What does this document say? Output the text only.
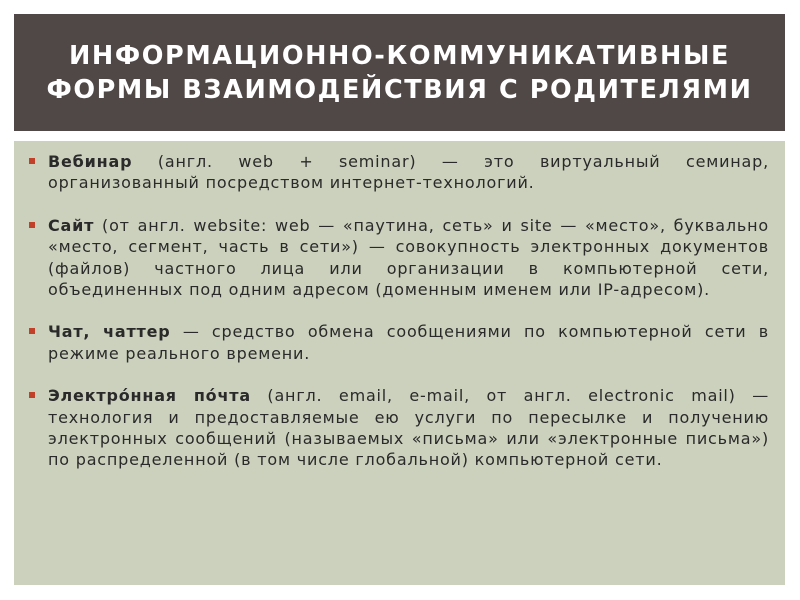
ИНФОРМАЦИОННО-КОММУНИКАТИВНЫЕ
ФОРМЫ ВЗАИМОДЕЙСТВИЯ С РОДИТЕЛЯМИ

Вебинар (англ. web + seminar) — это виртуальный семинар, организованный посредством интернет-технологий.

Сайт (от англ. website: web — «паутина, сеть» и site — «место», буквально «место, сегмент, часть в сети») — совокупность электронных документов (файлов) частного лица или организации в компьютерной сети, объединенных под одним адресом (доменным именем или IP-адресом).

Чат, чаттер — средство обмена сообщениями по компьютерной сети в режиме реального времени.

Электро́нная по́чта (англ. email, e-mail, от англ. electronic mail) — технология и предоставляемые ею услуги по пересылке и получению электронных сообщений (называемых «письма» или «электронные письма») по распределенной (в том числе глобальной) компьютерной сети.
